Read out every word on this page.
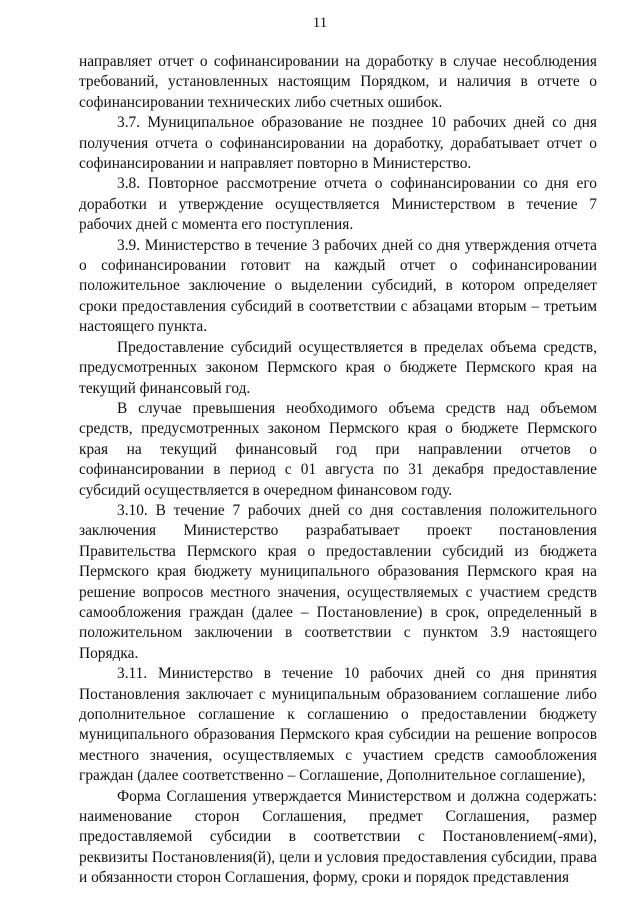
11

направляет отчет о софинансировании на доработку в случае несоблюдения требований, установленных настоящим Порядком, и наличия в отчете о софинансировании технических либо счетных ошибок.

3.7. Муниципальное образование не позднее 10 рабочих дней со дня получения отчета о софинансировании на доработку, дорабатывает отчет о софинансировании и направляет повторно в Министерство.

3.8. Повторное рассмотрение отчета о софинансировании со дня его доработки и утверждение осуществляется Министерством в течение 7 рабочих дней с момента его поступления.

3.9. Министерство в течение 3 рабочих дней со дня утверждения отчета о софинансировании готовит на каждый отчет о софинансировании положительное заключение о выделении субсидий, в котором определяет сроки предоставления субсидий в соответствии с абзацами вторым – третьим настоящего пункта.

Предоставление субсидий осуществляется в пределах объема средств, предусмотренных законом Пермского края о бюджете Пермского края на текущий финансовый год.

В случае превышения необходимого объема средств над объемом средств, предусмотренных законом Пермского края о бюджете Пермского края на текущий финансовый год при направлении отчетов о софинансировании в период с 01 августа по 31 декабря предоставление субсидий осуществляется в очередном финансовом году.

3.10. В течение 7 рабочих дней со дня составления положительного заключения Министерство разрабатывает проект постановления Правительства Пермского края о предоставлении субсидий из бюджета Пермского края бюджету муниципального образования Пермского края на решение вопросов местного значения, осуществляемых с участием средств самообложения граждан (далее – Постановление) в срок, определенный в положительном заключении в соответствии с пунктом 3.9 настоящего Порядка.

3.11. Министерство в течение 10 рабочих дней со дня принятия Постановления заключает с муниципальным образованием соглашение либо дополнительное соглашение к соглашению о предоставлении бюджету муниципального образования Пермского края субсидии на решение вопросов местного значения, осуществляемых с участием средств самообложения граждан (далее соответственно – Соглашение, Дополнительное соглашение),

Форма Соглашения утверждается Министерством и должна содержать: наименование сторон Соглашения, предмет Соглашения, размер предоставляемой субсидии в соответствии с Постановлением(-ями), реквизиты Постановления(й), цели и условия предоставления субсидии, права и обязанности сторон Соглашения, форму, сроки и порядок представления
